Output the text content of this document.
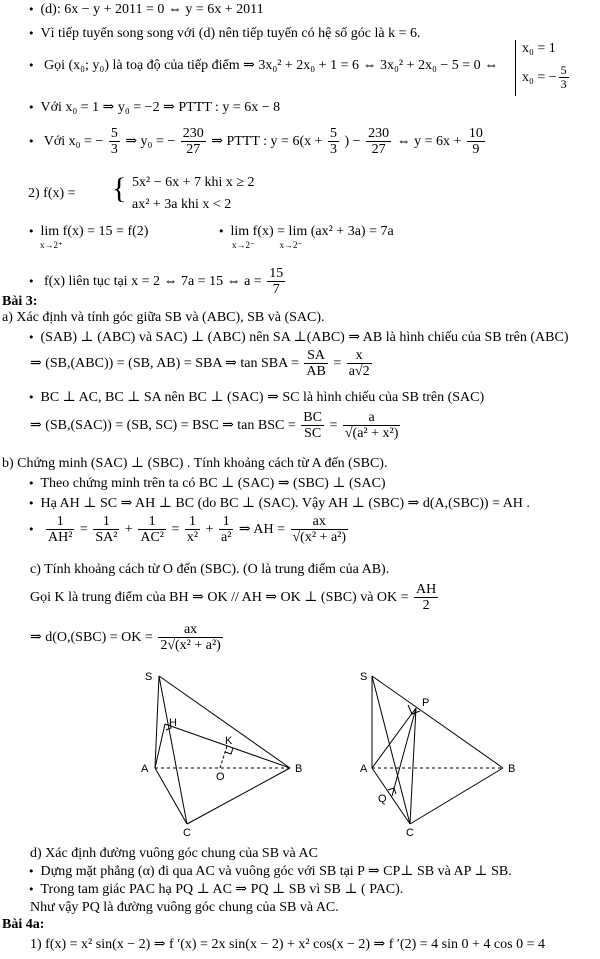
• (d): 6x − y + 2011 = 0 ⇔ y = 6x + 2011
• Vì tiếp tuyến song song với (d) nên tiếp tuyến có hệ số góc là k = 6.
• Gọi (x₀; y₀) là toạ độ của tiếp điểm ⇒ 3x₀² + 2x₀ + 1 = 6 ⇔ 3x₀² + 2x₀ − 5 = 0 ⇔
x₀ = 1
x₀ = − $\frac{5}{3}$
• Với x₀ = 1 ⇒ y₀ = −2 ⇒ PTTT : y = 6x − 8
• Với x₀ = − $\frac{5}{3}$ ⇒ y₀ = − $\frac{230}{27}$ ⇒ PTTT : $y = 6(x + \frac{5}{3}$ ) − $\frac{230}{27}$ ⇔ $y = 6x + \frac{10}{9}$
2) f(x) = { 5x² − 6x + 7 khi x ≥ 2
ax² + 3a khi x < 2
• lim f(x) = 15 = f(2)
x→2⁺
• lim f(x) = lim (ax² + 3a) = 7a
x→2⁻           x→2⁻
• f(x) liên tục tại x = 2 ⇔ 7a = 15 ⇔ $a = \frac{15}{7}$
Bài 3:
a) Xác định và tính góc giữa SB và (ABC), SB và (SAC).
• (SAB) ⊥ (ABC) và SAC) ⊥ (ABC) nên SA ⊥(ABC) ⇒ AB là hình chiếu của SB trên (ABC)
⇒ (SB,(ABC)) = (SB, AB) = SBA ⇒ tan SBA = $\frac{SA}{AB} = \frac{x}{a√2}$
• BC ⊥ AC, BC ⊥ SA nên BC ⊥ (SAC) ⇒ SC là hình chiếu của SB trên (SAC)
⇒ (SB,(SAC)) = (SB, SC) = BSC ⇒ tan BSC = $\frac{BC}{SC} = \frac{a}{\text{√(a² + x²)}}$
b) Chứng minh (SAC) ⊥ (SBC) . Tính khoảng cách từ A đến (SBC).
• Theo chứng minh trên ta có BC ⊥ (SAC) ⇒ (SBC) ⊥ (SAC)
• Hạ AH ⊥ SC ⇒ AH ⊥ BC (do BC ⊥ (SAC). Vậy AH ⊥ (SBC) ⇒ d(A,(SBC)) = AH .

• $\frac{1}{\text{AH²}} = \frac{1}{\text{SA²}} + \frac{1}{\text{AC²}} = \frac{1}{\text{x²}} + \frac{1}{\text{a²}}$ ⇒ AH = $\frac{ax}{\text{√(x² + a²)}}$
c) Tính khoảng cách từ O đến (SBC). (O là trung điểm của AB).
Gọi K là trung điểm của BH ⇒ OK // AH ⇒ OK ⊥ (SBC) và OK = $\frac{AH}{2}$
⇒ d(O,(SBC) = OK = $\frac{ax}{\text{2√(x² + a²)}}$
S
H
K
A
O
B
C
S
P
A
Q
B
C
d) Xác định đường vuông góc chung của SB và AC
• Dựng mặt phẳng (α) đi qua AC và vuông góc với SB tại P ⇒ CP⊥ SB và AP ⊥ SB.
• Trong tam giác PAC hạ PQ ⊥ AC ⇒ PQ ⊥ SB vì SB ⊥ ( PAC).
Như vậy PQ là đường vuông góc chung của SB và AC.
Bài 4a:
1) f(x) = x² sin(x − 2) ⇒ f ′(x) = 2x sin(x − 2) + x² cos(x − 2) ⇒ f ′(2) = 4 sin 0 + 4 cos 0 = 4
